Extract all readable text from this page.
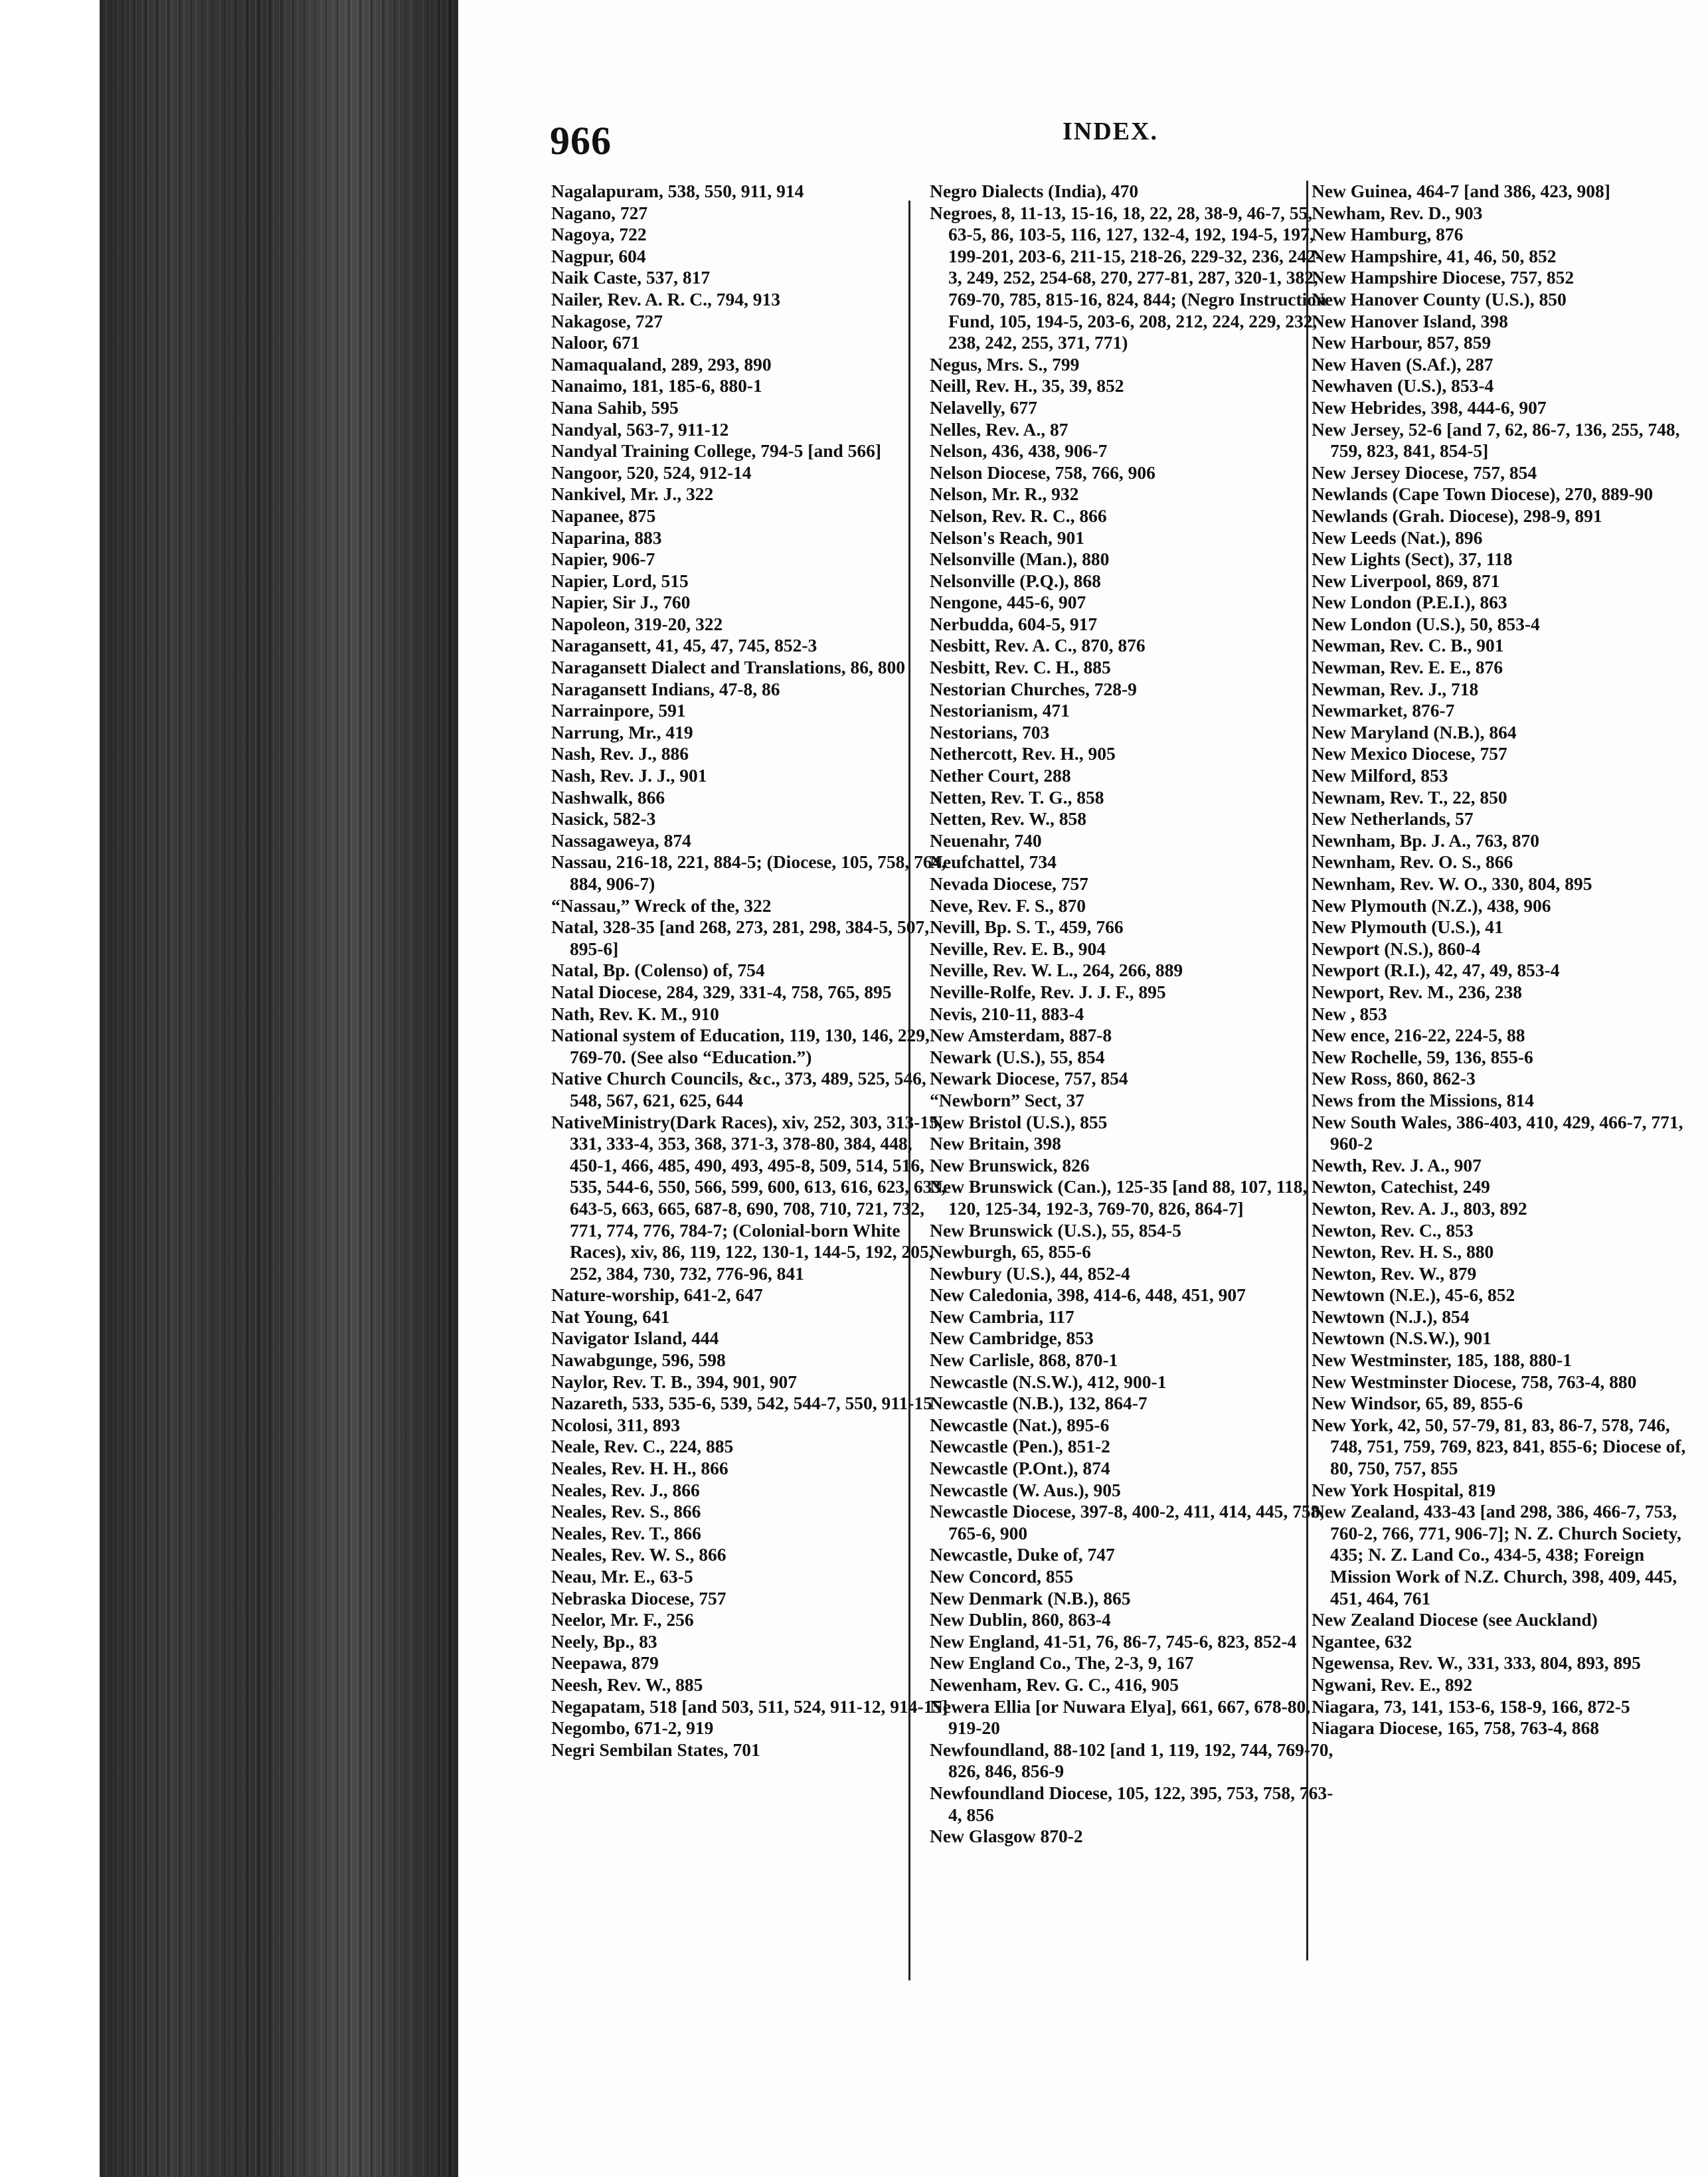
966	INDEX.
Nagalapuram, 538, 550, 911, 914
Nagano, 727
Nagoya, 722
Nagpur, 604
Naik Caste, 537, 817
Nailer, Rev. A. R. C., 794, 913
Nakagose, 727
Naloor, 671
Namaqualand, 289, 293, 890
Nanaimo, 181, 185-6, 880-1
Nana Sahib, 595
Nandyal, 563-7, 911-12
Nandyal Training College, 794-5 [and 566]
Nangoor, 520, 524, 912-14
Nankivel, Mr. J., 322
Napanee, 875
Naparina, 883
Napier, 906-7
Napier, Lord, 515
Napier, Sir J., 760
Napoleon, 319-20, 322
Naragansett, 41, 45, 47, 745, 852-3
Naragansett Dialect and Translations, 86, 800
Naragansett Indians, 47-8, 86
Narrainpore, 591
Narrung, Mr., 419
Nash, Rev. J., 886
Nash, Rev. J. J., 901
Nashwalk, 866
Nasick, 582-3
Nassagaweya, 874
Nassau, 216-18, 221, 884-5; (Diocese, 105, 758, 764, 884, 906-7)
“Nassau,” Wreck of the, 322
Natal, 328-35 [and 268, 273, 281, 298, 384-5, 507, 895-6]
Natal, Bp. (Colenso) of, 754
Natal Diocese, 284, 329, 331-4, 758, 765, 895
Nath, Rev. K. M., 910
National system of Education, 119, 130, 146, 229, 769-70. (See also “Education.”)
Native Church Councils, &c., 373, 489, 525, 546, 548, 567, 621, 625, 644
NativeMinistry(Dark Races), xiv, 252, 303, 313-15, 331, 333-4, 353, 368, 371-3, 378-80, 384, 448, 450-1, 466, 485, 490, 493, 495-8, 509, 514, 516, 535, 544-6, 550, 566, 599, 600, 613, 616, 623, 633, 643-5, 663, 665, 687-8, 690, 708, 710, 721, 732, 771, 774, 776, 784-7; (Colonial-born White Races), xiv, 86, 119, 122, 130-1, 144-5, 192, 205, 252, 384, 730, 732, 776-96, 841
Nature-worship, 641-2, 647
Nat Young, 641
Navigator Island, 444
Nawabgunge, 596, 598
Naylor, Rev. T. B., 394, 901, 907
Nazareth, 533, 535-6, 539, 542, 544-7, 550, 911-15
Ncolosi, 311, 893
Neale, Rev. C., 224, 885
Neales, Rev. H. H., 866
Neales, Rev. J., 866
Neales, Rev. S., 866
Neales, Rev. T., 866
Neales, Rev. W. S., 866
Neau, Mr. E., 63-5
Nebraska Diocese, 757
Neelor, Mr. F., 256
Neely, Bp., 83
Neepawa, 879
Neesh, Rev. W., 885
Negapatam, 518 [and 503, 511, 524, 911-12, 914-15]
Negombo, 671-2, 919
Negri Sembilan States, 701
Negro Dialects (India), 470
Negroes, 8, 11-13, 15-16, 18, 22, 28, 38-9, 46-7, 55, 63-5, 86, 103-5, 116, 127, 132-4, 192, 194-5, 197, 199-201, 203-6, 211-15, 218-26, 229-32, 236, 242-3, 249, 252, 254-68, 270, 277-81, 287, 320-1, 382, 769-70, 785, 815-16, 824, 844; (Negro Instruction Fund, 105, 194-5, 203-6, 208, 212, 224, 229, 232, 238, 242, 255, 371, 771)
Negus, Mrs. S., 799
Neill, Rev. H., 35, 39, 852
Nelavelly, 677
Nelles, Rev. A., 87
Nelson, 436, 438, 906-7
Nelson Diocese, 758, 766, 906
Nelson, Mr. R., 932
Nelson, Rev. R. C., 866
Nelson's Reach, 901
Nelsonville (Man.), 880
Nelsonville (P.Q.), 868
Nengone, 445-6, 907
Nerbudda, 604-5, 917
Nesbitt, Rev. A. C., 870, 876
Nesbitt, Rev. C. H., 885
Nestorian Churches, 728-9
Nestorianism, 471
Nestorians, 703
Nethercott, Rev. H., 905
Nether Court, 288
Netten, Rev. T. G., 858
Netten, Rev. W., 858
Neuenahr, 740
Neufchattel, 734
Nevada Diocese, 757
Neve, Rev. F. S., 870
Nevill, Bp. S. T., 459, 766
Neville, Rev. E. B., 904
Neville, Rev. W. L., 264, 266, 889
Neville-Rolfe, Rev. J. J. F., 895
Nevis, 210-11, 883-4
New Amsterdam, 887-8
Newark (U.S.), 55, 854
Newark Diocese, 757, 854
“Newborn” Sect, 37
New Bristol (U.S.), 855
New Britain, 398
New Brunswick, 826
New Brunswick (Can.), 125-35 [and 88, 107, 118, 120, 125-34, 192-3, 769-70, 826, 864-7]
New Brunswick (U.S.), 55, 854-5
Newburgh, 65, 855-6
Newbury (U.S.), 44, 852-4
New Caledonia, 398, 414-6, 448, 451, 907
New Cambria, 117
New Cambridge, 853
New Carlisle, 868, 870-1
Newcastle (N.S.W.), 412, 900-1
Newcastle (N.B.), 132, 864-7
Newcastle (Nat.), 895-6
Newcastle (Pen.), 851-2
Newcastle (P.Ont.), 874
Newcastle (W. Aus.), 905
Newcastle Diocese, 397-8, 400-2, 411, 414, 445, 758, 765-6, 900
Newcastle, Duke of, 747
New Concord, 855
New Denmark (N.B.), 865
New Dublin, 860, 863-4
New England, 41-51, 76, 86-7, 745-6, 823, 852-4
New England Co., The, 2-3, 9, 167
Newenham, Rev. G. C., 416, 905
Newera Ellia [or Nuwara Elya], 661, 667, 678-80, 919-20
Newfoundland, 88-102 [and 1, 119, 192, 744, 769-70, 826, 846, 856-9
Newfoundland Diocese, 105, 122, 395, 753, 758, 763-4, 856
New Glasgow 870-2
New Guinea, 464-7 [and 386, 423, 908]
Newham, Rev. D., 903
New Hamburg, 876
New Hampshire, 41, 46, 50, 852
New Hampshire Diocese, 757, 852
New Hanover County (U.S.), 850
New Hanover Island, 398
New Harbour, 857, 859
New Haven (S.Af.), 287
Newhaven (U.S.), 853-4
New Hebrides, 398, 444-6, 907
New Jersey, 52-6 [and 7, 62, 86-7, 136, 255, 748, 759, 823, 841, 854-5]
New Jersey Diocese, 757, 854
Newlands (Cape Town Diocese), 270, 889-90
Newlands (Grah. Diocese), 298-9, 891
New Leeds (Nat.), 896
New Lights (Sect), 37, 118
New Liverpool, 869, 871
New London (P.E.I.), 863
New London (U.S.), 50, 853-4
Newman, Rev. C. B., 901
Newman, Rev. E. E., 876
Newman, Rev. J., 718
Newmarket, 876-7
New Maryland (N.B.), 864
New Mexico Diocese, 757
New Milford, 853
Newnam, Rev. T., 22, 850
New Netherlands, 57
Newnham, Bp. J. A., 763, 870
Newnham, Rev. O. S., 866
Newnham, Rev. W. O., 330, 804, 895
New Plymouth (N.Z.), 438, 906
New Plymouth (U.S.), 41
Newport (N.S.), 860-4
Newport (R.I.), 42, 47, 49, 853-4
Newport, Rev. M., 236, 238
New , 853
New ence, 216-22, 224-5, 88
New Rochelle, 59, 136, 855-6
New Ross, 860, 862-3
News from the Missions, 814
New South Wales, 386-403, 410, 429, 466-7, 771, 960-2
Newth, Rev. J. A., 907
Newton, Catechist, 249
Newton, Rev. A. J., 803, 892
Newton, Rev. C., 853
Newton, Rev. H. S., 880
Newton, Rev. W., 879
Newtown (N.E.), 45-6, 852
Newtown (N.J.), 854
Newtown (N.S.W.), 901
New Westminster, 185, 188, 880-1
New Westminster Diocese, 758, 763-4, 880
New Windsor, 65, 89, 855-6
New York, 42, 50, 57-79, 81, 83, 86-7, 578, 746, 748, 751, 759, 769, 823, 841, 855-6; Diocese of, 80, 750, 757, 855
New York Hospital, 819
New Zealand, 433-43 [and 298, 386, 466-7, 753, 760-2, 766, 771, 906-7]; N. Z. Church Society, 435; N. Z. Land Co., 434-5, 438; Foreign Mission Work of N.Z. Church, 398, 409, 445, 451, 464, 761
New Zealand Diocese (see Auckland)
Ngantee, 632
Ngewensa, Rev. W., 331, 333, 804, 893, 895
Ngwani, Rev. E., 892
Niagara, 73, 141, 153-6, 158-9, 166, 872-5
Niagara Diocese, 165, 758, 763-4, 868
